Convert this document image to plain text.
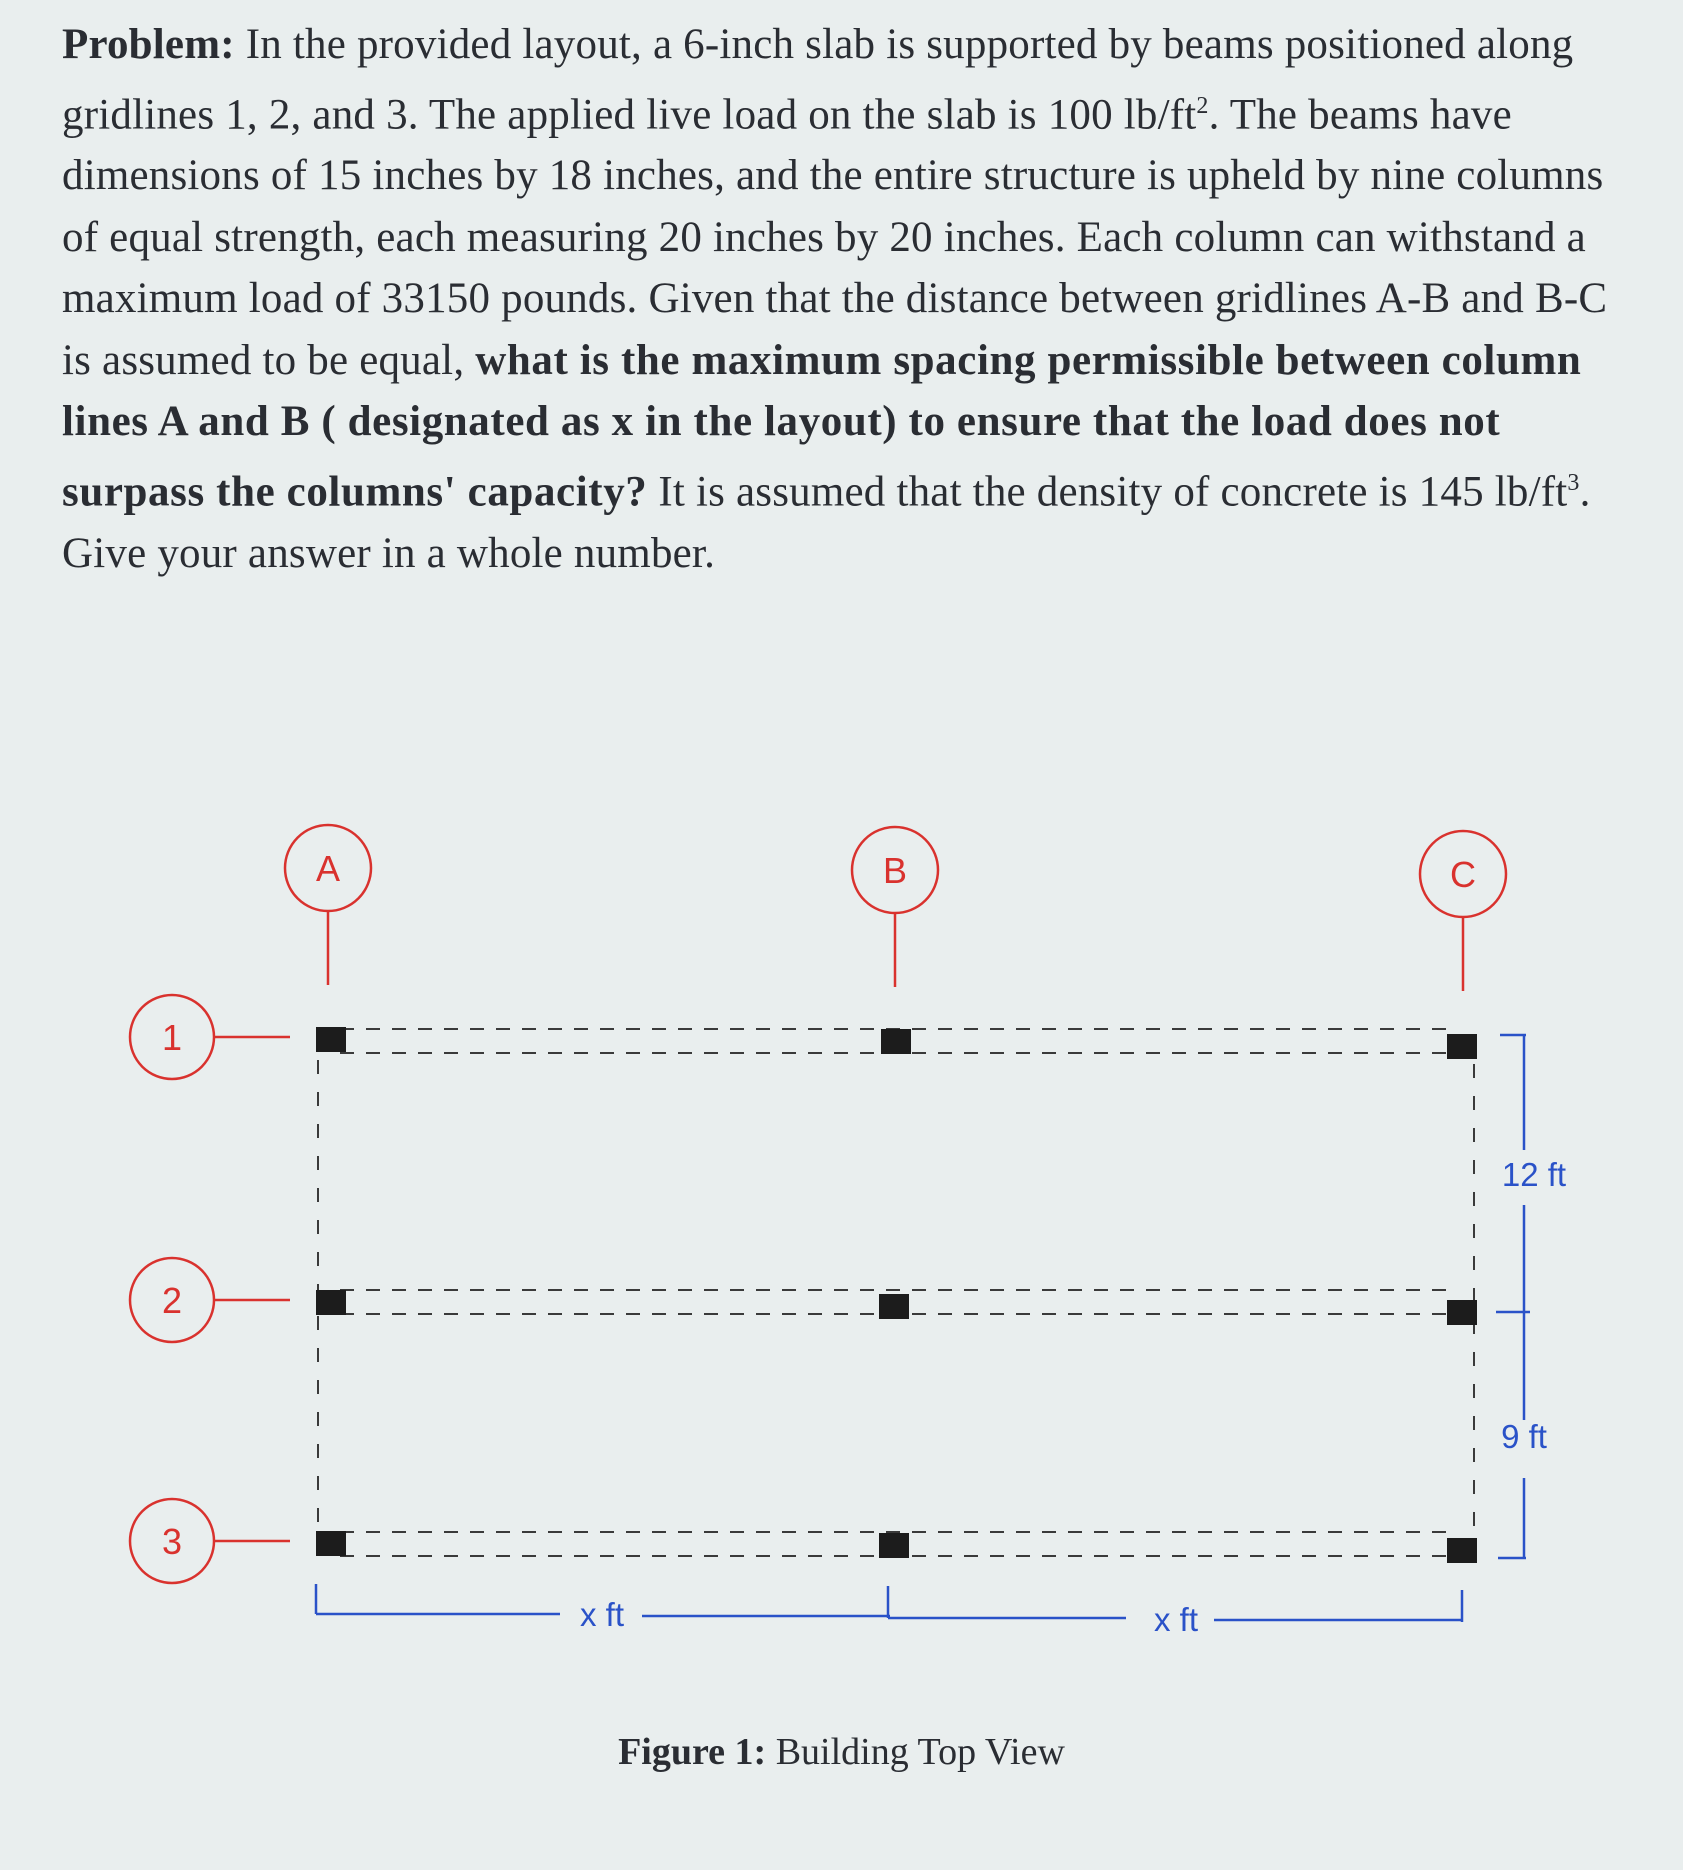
Problem: In the provided layout, a 6-inch slab is supported by beams positioned along gridlines 1, 2, and 3. The applied live load on the slab is 100 $lb/ft^2$. The beams have dimensions of 15 inches by 18 inches, and the entire structure is upheld by nine columns of equal strength, each measuring 20 inches by 20 inches. Each column can withstand a maximum load of 33150 pounds. Given that the distance between gridlines A-B and B-C is assumed to be equal, what is the maximum spacing permissible between column lines A and B ( designated as x in the layout) to ensure that the load does not surpass the columns' capacity? It is assumed that the density of concrete is 145 $lb/ft^3$. Give your answer in a whole number.
A	B	C
1
2
3
12 ft
9 ft
x ft	x ft
Figure 1: Building Top View
